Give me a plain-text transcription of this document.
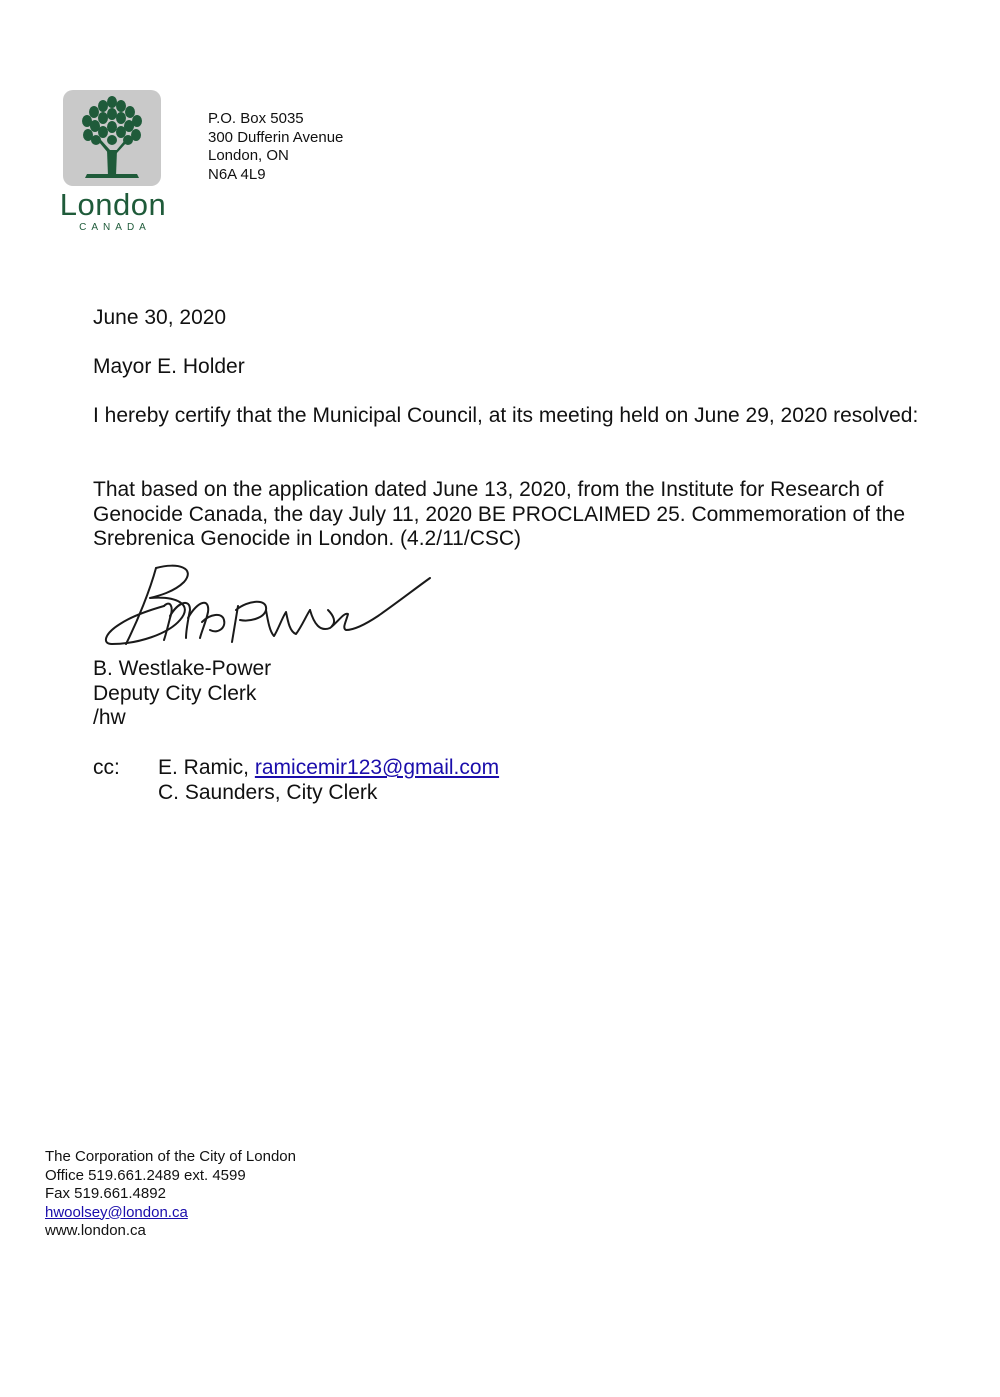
London
CANADA
P.O. Box 5035
300 Dufferin Avenue
London, ON
N6A 4L9
June 30, 2020
Mayor E. Holder
I hereby certify that the Municipal Council, at its meeting held on June 29, 2020 resolved:
That based on the application dated June 13, 2020, from the Institute for Research of Genocide Canada, the day July 11, 2020 BE PROCLAIMED 25. Commemoration of the Srebrenica Genocide in London. (4.2/11/CSC)
B. Westlake-Power
Deputy City Clerk
/hw
cc: E. Ramic, ramicemir123@gmail.com
C. Saunders, City Clerk
The Corporation of the City of London
Office 519.661.2489 ext. 4599
Fax 519.661.4892
hwoolsey@london.ca
www.london.ca
